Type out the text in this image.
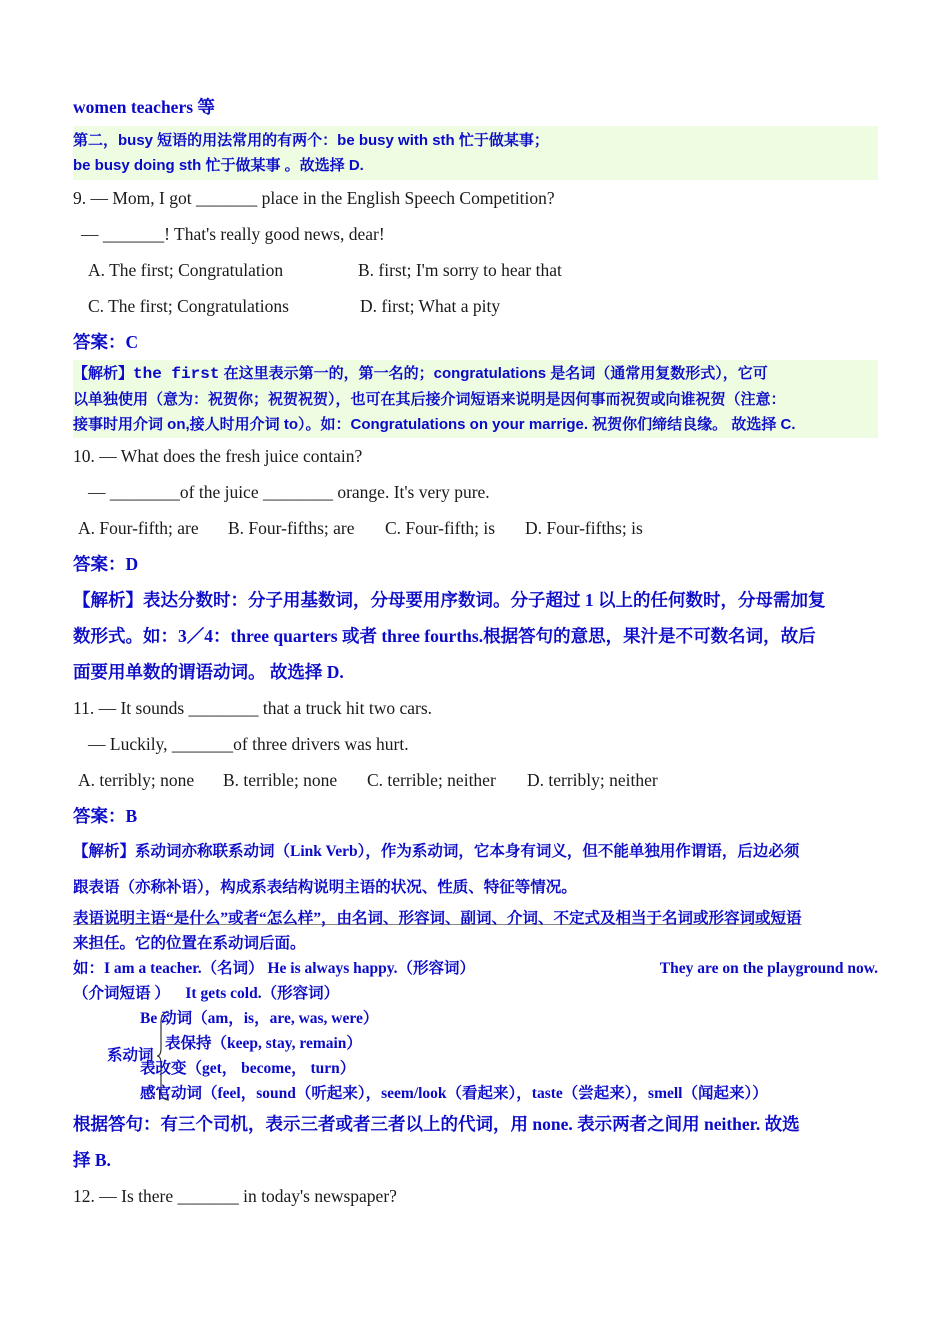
women teachers 等
第二，busy 短语的用法常用的有两个：be busy with sth 忙于做某事；
be busy doing sth 忙于做某事 。故选择 D.
9. — Mom, I got _______ place in the English Speech Competition?
— _______! That's really good news, dear!
A. The first; Congratulation	B. first; I'm sorry to hear that
C. The first; Congratulations	D. first; What a pity
答案：C
【解析】the first 在这里表示第一的，第一名的；congratulations 是名词（通常用复数形式），它可
以单独使用（意为：祝贺你；祝贺祝贺），也可在其后接介词短语来说明是因何事而祝贺或向谁祝贺（注意：
接事时用介词 on,接人时用介词 to）。如：Congratulations on your marrige. 祝贺你们缔结良缘。 故选择 C.
10. — What does the fresh juice contain?
— ________of the juice ________ orange. It's very pure.
A. Four-fifth; are B. Four-fifths; are C. Four-fifth; is D. Four-fifths; is
答案：D
【解析】表达分数时：分子用基数词，分母要用序数词。分子超过 1 以上的任何数时，分母需加复
数形式。如：3／4：three quarters 或者 three fourths.根据答句的意思，果汁是不可数名词，故后
面要用单数的谓语动词。 故选择 D.
11. — It sounds ________ that a truck hit two cars.
— Luckily, _______of three drivers was hurt.
A. terribly; none B. terrible; none C. terrible; neither D. terribly; neither
答案：B
【解析】系动词亦称联系动词（Link Verb），作为系动词，它本身有词义，但不能单独用作谓语，后边必须
跟表语（亦称补语），构成系表结构说明主语的状况、性质、特征等情况。
表语说明主语“是什么”或者“怎么样”，由名词、形容词、副词、介词、不定式及相当于名词或形容词或短语
来担任。它的位置在系动词后面。
如：I am a teacher.（名词） He is always happy.（形容词）	They are on the playground now.
（介词短语 ）    It gets cold.（形容词）
系动词
Be 动词（am，is，are, was, were）
表保持（keep, stay, remain）
表改变（get， become， turn）
感官动词（feel，sound（听起来），seem/look（看起来），taste（尝起来），smell（闻起来））
根据答句：有三个司机，表示三者或者三者以上的代词，用 none. 表示两者之间用 neither. 故选
择 B.
12. — Is there _______ in today's newspaper?
